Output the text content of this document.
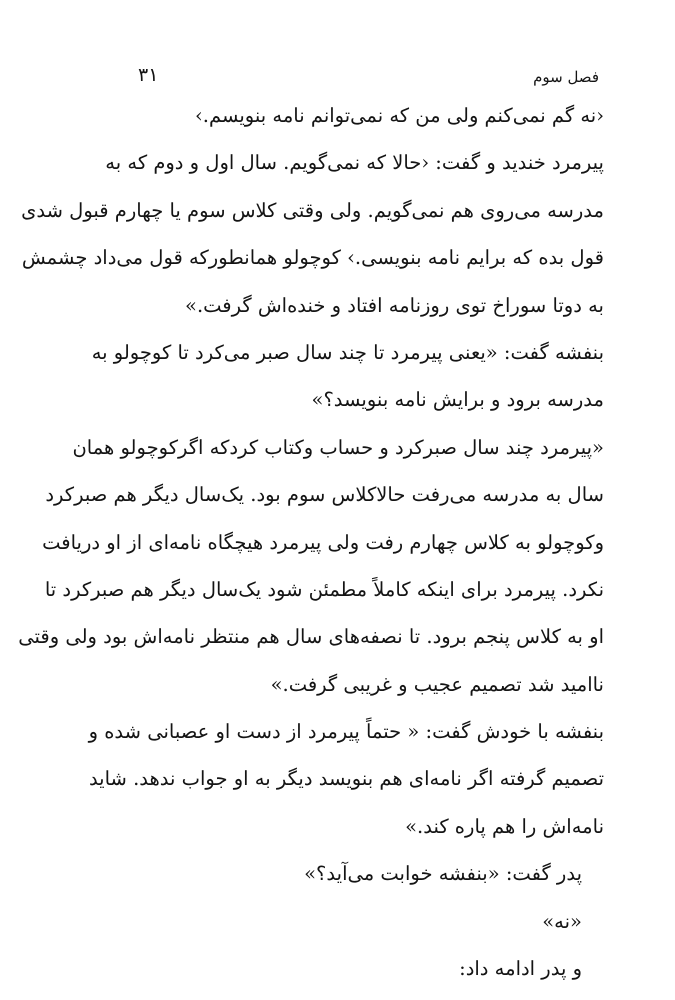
فصل سوم
۳۱
‹نه گم نمی‌کنم ولی من که نمی‌توانم نامه بنویسم.›
پیرمرد خندید و گفت: ‹حالا که نمی‌گویم. سال اول و دوم که به
مدرسه می‌روی هم نمی‌گویم. ولی وقتی کلاس سوم یا چهارم قبول شدی
قول بده که برایم نامه بنویسی.› کوچولو همانطورکه قول می‌داد چشمش
به دوتا سوراخ توی روزنامه افتاد و خنده‌اش گرفت.»
بنفشه گفت: «یعنی پیرمرد تا چند سال صبر می‌کرد تا کوچولو به
مدرسه برود و برایش نامه بنویسد؟»
«پیرمرد چند سال صبرکرد و حساب وکتاب کردکه اگرکوچولو همان
سال به مدرسه می‌رفت حالاکلاس سوم بود. یک‌سال دیگر هم صبرکرد
وکوچولو به کلاس چهارم رفت ولی پیرمرد هیچگاه نامه‌ای از او دریافت
نکرد. پیرمرد برای اینکه کاملاً مطمئن شود یک‌سال دیگر هم صبرکرد تا
او به کلاس پنجم برود. تا نصفه‌های سال هم منتظر نامه‌اش بود ولی وقتی
ناامید شد تصمیم عجیب و غریبی گرفت.»
بنفشه با خودش گفت: « حتماً پیرمرد از دست او عصبانی شده و
تصمیم گرفته اگر نامه‌ای هم بنویسد دیگر به او جواب ندهد. شاید
نامه‌اش را هم پاره کند.»
پدر گفت: «بنفشه خوابت می‌آید؟»
«نه»
و پدر ادامه داد:
